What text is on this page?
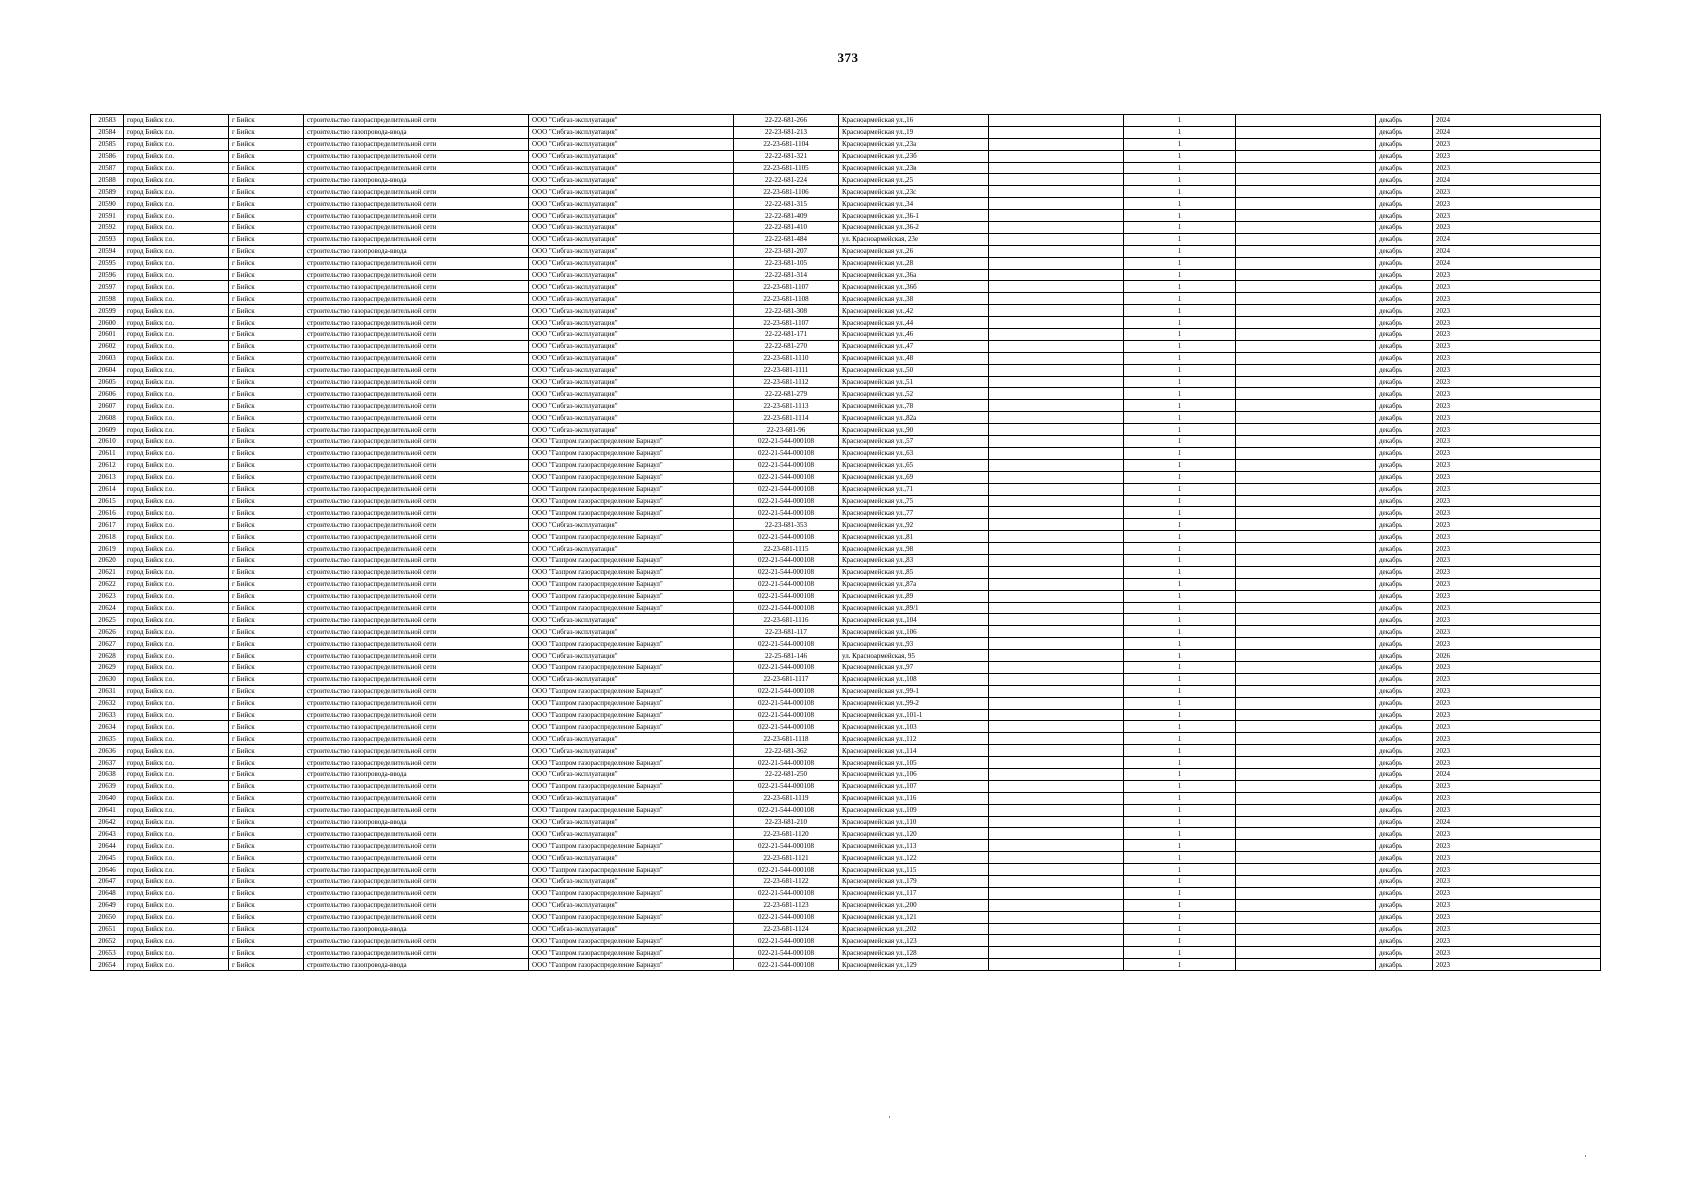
373
20583	город Бийск г.о.	г Бийск	строительство газораспределительной сети	ООО "Сибгаз-эксплуатация"	22-22-681-266	Красноармейская ул.,16		1		декабрь	2024
20584	город Бийск г.о.	г Бийск	строительство газопровода-ввода	ООО "Сибгаз-эксплуатация"	22-23-681-213	Красноармейская ул.,19		1		декабрь	2024
20585	город Бийск г.о.	г Бийск	строительство газораспределительной сети	ООО "Сибгаз-эксплуатация"	22-23-681-1104	Красноармейская ул.,23а		1		декабрь	2023
20586	город Бийск г.о.	г Бийск	строительство газораспределительной сети	ООО "Сибгаз-эксплуатация"	22-22-681-321	Красноармейская ул.,23б		1		декабрь	2023
20587	город Бийск г.о.	г Бийск	строительство газораспределительной сети	ООО "Сибгаз-эксплуатация"	22-23-681-1105	Красноармейская ул.,23в		1		декабрь	2023
20588	город Бийск г.о.	г Бийск	строительство газопровода-ввода	ООО "Сибгаз-эксплуатация"	22-22-681-224	Красноармейская ул.,25		1		декабрь	2024
20589	город Бийск г.о.	г Бийск	строительство газораспределительной сети	ООО "Сибгаз-эксплуатация"	22-23-681-1106	Красноармейская ул.,23с		1		декабрь	2023
20590	город Бийск г.о.	г Бийск	строительство газораспределительной сети	ООО "Сибгаз-эксплуатация"	22-22-681-315	Красноармейская ул.,34		1		декабрь	2023
20591	город Бийск г.о.	г Бийск	строительство газораспределительной сети	ООО "Сибгаз-эксплуатация"	22-22-681-409	Красноармейская ул.,36-1		1		декабрь	2023
20592	город Бийск г.о.	г Бийск	строительство газораспределительной сети	ООО "Сибгаз-эксплуатация"	22-22-681-410	Красноармейская ул.,36-2		1		декабрь	2023
20593	город Бийск г.о.	г Бийск	строительство газораспределительной сети	ООО "Сибгаз-эксплуатация"	22-22-681-484	ул. Красноармейская, 23е		1		декабрь	2024
20594	город Бийск г.о.	г Бийск	строительство газопровода-ввода	ООО "Сибгаз-эксплуатация"	22-23-681-207	Красноармейская ул.,26		1		декабрь	2024
20595	город Бийск г.о.	г Бийск	строительство газораспределительной сети	ООО "Сибгаз-эксплуатация"	22-23-681-105	Красноармейская ул.,28		1		декабрь	2024
20596	город Бийск г.о.	г Бийск	строительство газораспределительной сети	ООО "Сибгаз-эксплуатация"	22-22-681-314	Красноармейская ул.,36а		1		декабрь	2023
20597	город Бийск г.о.	г Бийск	строительство газораспределительной сети	ООО "Сибгаз-эксплуатация"	22-23-681-1107	Красноармейская ул.,36б		1		декабрь	2023
20598	город Бийск г.о.	г Бийск	строительство газораспределительной сети	ООО "Сибгаз-эксплуатация"	22-23-681-1108	Красноармейская ул.,38		1		декабрь	2023
20599	город Бийск г.о.	г Бийск	строительство газораспределительной сети	ООО "Сибгаз-эксплуатация"	22-22-681-308	Красноармейская ул.,42		1		декабрь	2023
20600	город Бийск г.о.	г Бийск	строительство газораспределительной сети	ООО "Сибгаз-эксплуатация"	22-23-681-1107	Красноармейская ул.,44		1		декабрь	2023
20601	город Бийск г.о.	г Бийск	строительство газораспределительной сети	ООО "Сибгаз-эксплуатация"	22-22-681-171	Красноармейская ул.,46		1		декабрь	2023
20602	город Бийск г.о.	г Бийск	строительство газораспределительной сети	ООО "Сибгаз-эксплуатация"	22-22-681-270	Красноармейская ул.,47		1		декабрь	2023
20603	город Бийск г.о.	г Бийск	строительство газораспределительной сети	ООО "Сибгаз-эксплуатация"	22-23-681-1110	Красноармейская ул.,48		1		декабрь	2023
20604	город Бийск г.о.	г Бийск	строительство газораспределительной сети	ООО "Сибгаз-эксплуатация"	22-23-681-1111	Красноармейская ул.,50		1		декабрь	2023
20605	город Бийск г.о.	г Бийск	строительство газораспределительной сети	ООО "Сибгаз-эксплуатация"	22-23-681-1112	Красноармейская ул.,51		1		декабрь	2023
20606	город Бийск г.о.	г Бийск	строительство газораспределительной сети	ООО "Сибгаз-эксплуатация"	22-22-681-279	Красноармейская ул.,52		1		декабрь	2023
20607	город Бийск г.о.	г Бийск	строительство газораспределительной сети	ООО "Сибгаз-эксплуатация"	22-23-681-1113	Красноармейская ул.,78		1		декабрь	2023
20608	город Бийск г.о.	г Бийск	строительство газораспределительной сети	ООО "Сибгаз-эксплуатация"	22-23-681-1114	Красноармейская ул.,82а		1		декабрь	2023
20609	город Бийск г.о.	г Бийск	строительство газораспределительной сети	ООО "Сибгаз-эксплуатация"	22-23-681-96	Красноармейская ул.,90		1		декабрь	2023
20610	город Бийск г.о.	г Бийск	строительство газораспределительной сети	ООО "Газпром газораспределение Барнаул"	022-21-544-000108	Красноармейская ул.,57		1		декабрь	2023
20611	город Бийск г.о.	г Бийск	строительство газораспределительной сети	ООО "Газпром газораспределение Барнаул"	022-21-544-000108	Красноармейская ул.,63		1		декабрь	2023
20612	город Бийск г.о.	г Бийск	строительство газораспределительной сети	ООО "Газпром газораспределение Барнаул"	022-21-544-000108	Красноармейская ул.,65		1		декабрь	2023
20613	город Бийск г.о.	г Бийск	строительство газораспределительной сети	ООО "Газпром газораспределение Барнаул"	022-21-544-000108	Красноармейская ул.,69		1		декабрь	2023
20614	город Бийск г.о.	г Бийск	строительство газораспределительной сети	ООО "Газпром газораспределение Барнаул"	022-21-544-000108	Красноармейская ул.,71		1		декабрь	2023
20615	город Бийск г.о.	г Бийск	строительство газораспределительной сети	ООО "Газпром газораспределение Барнаул"	022-21-544-000108	Красноармейская ул.,75		1		декабрь	2023
20616	город Бийск г.о.	г Бийск	строительство газораспределительной сети	ООО "Газпром газораспределение Барнаул"	022-21-544-000108	Красноармейская ул.,77		1		декабрь	2023
20617	город Бийск г.о.	г Бийск	строительство газораспределительной сети	ООО "Сибгаз-эксплуатация"	22-23-681-353	Красноармейская ул.,92		1		декабрь	2023
20618	город Бийск г.о.	г Бийск	строительство газораспределительной сети	ООО "Газпром газораспределение Барнаул"	022-21-544-000108	Красноармейская ул.,81		1		декабрь	2023
20619	город Бийск г.о.	г Бийск	строительство газораспределительной сети	ООО "Сибгаз-эксплуатация"	22-23-681-1115	Красноармейская ул.,98		1		декабрь	2023
20620	город Бийск г.о.	г Бийск	строительство газораспределительной сети	ООО "Газпром газораспределение Барнаул"	022-21-544-000108	Красноармейская ул.,83		1		декабрь	2023
20621	город Бийск г.о.	г Бийск	строительство газораспределительной сети	ООО "Газпром газораспределение Барнаул"	022-21-544-000108	Красноармейская ул.,85		1		декабрь	2023
20622	город Бийск г.о.	г Бийск	строительство газораспределительной сети	ООО "Газпром газораспределение Барнаул"	022-21-544-000108	Красноармейская ул.,87а		1		декабрь	2023
20623	город Бийск г.о.	г Бийск	строительство газораспределительной сети	ООО "Газпром газораспределение Барнаул"	022-21-544-000108	Красноармейская ул.,89		1		декабрь	2023
20624	город Бийск г.о.	г Бийск	строительство газораспределительной сети	ООО "Газпром газораспределение Барнаул"	022-21-544-000108	Красноармейская ул.,89/1		1		декабрь	2023
20625	город Бийск г.о.	г Бийск	строительство газораспределительной сети	ООО "Сибгаз-эксплуатация"	22-23-681-1116	Красноармейская ул.,104		1		декабрь	2023
20626	город Бийск г.о.	г Бийск	строительство газораспределительной сети	ООО "Сибгаз-эксплуатация"	22-23-681-117	Красноармейская ул.,106		1		декабрь	2023
20627	город Бийск г.о.	г Бийск	строительство газораспределительной сети	ООО "Газпром газораспределение Барнаул"	022-21-544-000108	Красноармейская ул.,93		1		декабрь	2023
20628	город Бийск г.о.	г Бийск	строительство газораспределительной сети	ООО "Сибгаз-эксплуатация"	22-25-681-146	ул. Красноармейская, 95		1		декабрь	2026
20629	город Бийск г.о.	г Бийск	строительство газораспределительной сети	ООО "Газпром газораспределение Барнаул"	022-21-544-000108	Красноармейская ул.,97		1		декабрь	2023
20630	город Бийск г.о.	г Бийск	строительство газораспределительной сети	ООО "Сибгаз-эксплуатация"	22-23-681-1117	Красноармейская ул.,108		1		декабрь	2023
20631	город Бийск г.о.	г Бийск	строительство газораспределительной сети	ООО "Газпром газораспределение Барнаул"	022-21-544-000108	Красноармейская ул.,99-1		1		декабрь	2023
20632	город Бийск г.о.	г Бийск	строительство газораспределительной сети	ООО "Газпром газораспределение Барнаул"	022-21-544-000108	Красноармейская ул.,99-2		1		декабрь	2023
20633	город Бийск г.о.	г Бийск	строительство газораспределительной сети	ООО "Газпром газораспределение Барнаул"	022-21-544-000108	Красноармейская ул.,101-1		1		декабрь	2023
20634	город Бийск г.о.	г Бийск	строительство газораспределительной сети	ООО "Газпром газораспределение Барнаул"	022-21-544-000108	Красноармейская ул.,103		1		декабрь	2023
20635	город Бийск г.о.	г Бийск	строительство газораспределительной сети	ООО "Сибгаз-эксплуатация"	22-23-681-1118	Красноармейская ул.,112		1		декабрь	2023
20636	город Бийск г.о.	г Бийск	строительство газораспределительной сети	ООО "Сибгаз-эксплуатация"	22-22-681-362	Красноармейская ул.,114		1		декабрь	2023
20637	город Бийск г.о.	г Бийск	строительство газораспределительной сети	ООО "Газпром газораспределение Барнаул"	022-21-544-000108	Красноармейская ул.,105		1		декабрь	2023
20638	город Бийск г.о.	г Бийск	строительство газопровода-ввода	ООО "Сибгаз-эксплуатация"	22-22-681-250	Красноармейская ул.,106		1		декабрь	2024
20639	город Бийск г.о.	г Бийск	строительство газораспределительной сети	ООО "Газпром газораспределение Барнаул"	022-21-544-000108	Красноармейская ул.,107		1		декабрь	2023
20640	город Бийск г.о.	г Бийск	строительство газораспределительной сети	ООО "Сибгаз-эксплуатация"	22-23-681-1119	Красноармейская ул.,116		1		декабрь	2023
20641	город Бийск г.о.	г Бийск	строительство газораспределительной сети	ООО "Газпром газораспределение Барнаул"	022-21-544-000108	Красноармейская ул.,109		1		декабрь	2023
20642	город Бийск г.о.	г Бийск	строительство газопровода-ввода	ООО "Сибгаз-эксплуатация"	22-23-681-210	Красноармейская ул.,110		1		декабрь	2024
20643	город Бийск г.о.	г Бийск	строительство газораспределительной сети	ООО "Сибгаз-эксплуатация"	22-23-681-1120	Красноармейская ул.,120		1		декабрь	2023
20644	город Бийск г.о.	г Бийск	строительство газораспределительной сети	ООО "Газпром газораспределение Барнаул"	022-21-544-000108	Красноармейская ул.,113		1		декабрь	2023
20645	город Бийск г.о.	г Бийск	строительство газораспределительной сети	ООО "Сибгаз-эксплуатация"	22-23-681-1121	Красноармейская ул.,122		1		декабрь	2023
20646	город Бийск г.о.	г Бийск	строительство газораспределительной сети	ООО "Газпром газораспределение Барнаул"	022-21-544-000108	Красноармейская ул.,115		1		декабрь	2023
20647	город Бийск г.о.	г Бийск	строительство газораспределительной сети	ООО "Сибгаз-эксплуатация"	22-23-681-1122	Красноармейская ул.,179		1		декабрь	2023
20648	город Бийск г.о.	г Бийск	строительство газораспределительной сети	ООО "Газпром газораспределение Барнаул"	022-21-544-000108	Красноармейская ул.,117		1		декабрь	2023
20649	город Бийск г.о.	г Бийск	строительство газораспределительной сети	ООО "Сибгаз-эксплуатация"	22-23-681-1123	Красноармейская ул.,200		1		декабрь	2023
20650	город Бийск г.о.	г Бийск	строительство газораспределительной сети	ООО "Газпром газораспределение Барнаул"	022-21-544-000108	Красноармейская ул.,121		1		декабрь	2023
20651	город Бийск г.о.	г Бийск	строительство газопровода-ввода	ООО "Сибгаз-эксплуатация"	22-23-681-1124	Красноармейская ул.,202		1		декабрь	2023
20652	город Бийск г.о.	г Бийск	строительство газораспределительной сети	ООО "Газпром газораспределение Барнаул"	022-21-544-000108	Красноармейская ул.,123		1		декабрь	2023
20653	город Бийск г.о.	г Бийск	строительство газораспределительной сети	ООО "Газпром газораспределение Барнаул"	022-21-544-000108	Красноармейская ул.,128		1		декабрь	2023
20654	город Бийск г.о.	г Бийск	строительство газопровода-ввода	ООО "Газпром газораспределение Барнаул"	022-21-544-000108	Красноармейская ул.,129		1		декабрь	2023
·
·
